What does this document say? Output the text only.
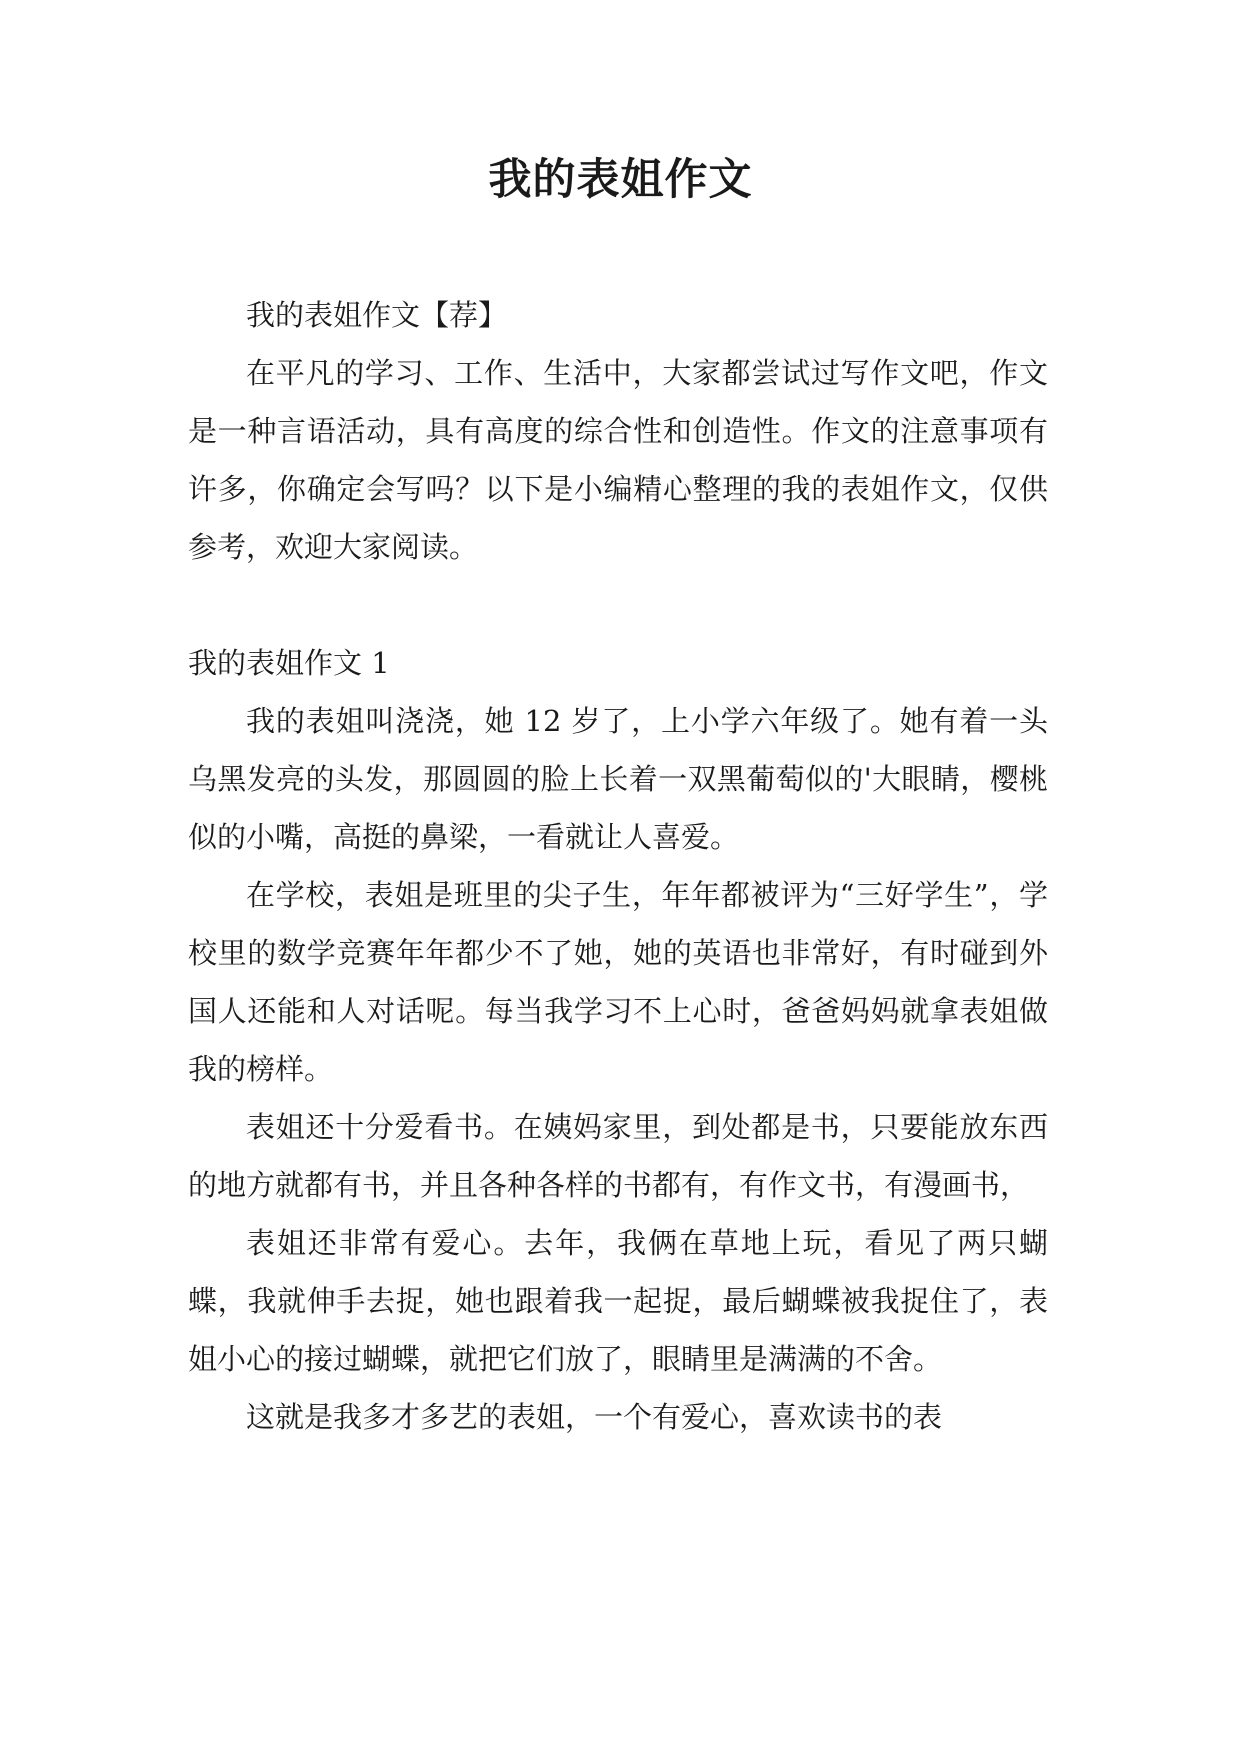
我的表姐作文

我的表姐作文【荐】

在平凡的学习、工作、生活中，大家都尝试过写作文吧，作文是一种言语活动，具有高度的综合性和创造性。作文的注意事项有许多，你确定会写吗？以下是小编精心整理的我的表姐作文，仅供参考，欢迎大家阅读。

我的表姐作文 1

我的表姐叫浇浇，她 12 岁了，上小学六年级了。她有着一头乌黑发亮的头发，那圆圆的脸上长着一双黑葡萄似的'大眼睛，樱桃似的小嘴，高挺的鼻梁，一看就让人喜爱。

在学校，表姐是班里的尖子生，年年都被评为“三好学生”，学校里的数学竞赛年年都少不了她，她的英语也非常好，有时碰到外国人还能和人对话呢。每当我学习不上心时，爸爸妈妈就拿表姐做我的榜样。

表姐还十分爱看书。在姨妈家里，到处都是书，只要能放东西的地方就都有书，并且各种各样的书都有，有作文书，有漫画书，

表姐还非常有爱心。去年，我俩在草地上玩，看见了两只蝴蝶，我就伸手去捉，她也跟着我一起捉，最后蝴蝶被我捉住了，表姐小心的接过蝴蝶，就把它们放了，眼睛里是满满的不舍。

这就是我多才多艺的表姐，一个有爱心，喜欢读书的表
